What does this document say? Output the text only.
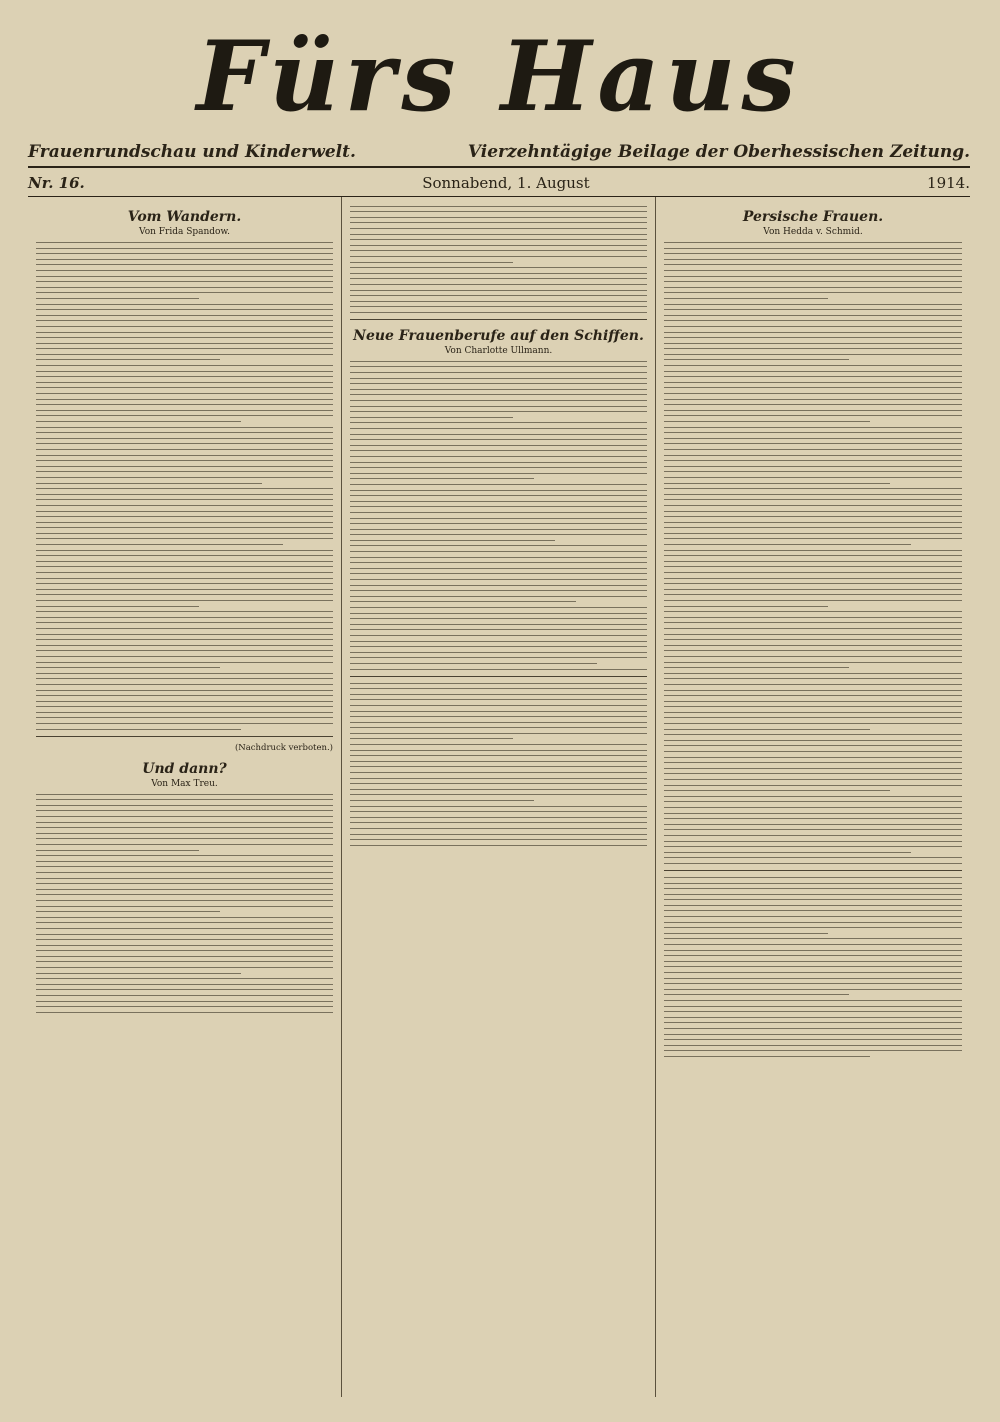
Fürs Haus
Frauenrundschau und Kinderwelt.	Vierzehntägige Beilage der Oberhessischen Zeitung.
Nr. 16.	Sonnabend, 1. August	1914.
Vom Wandern.
Von Frida Spandow.
(Nachdruck verboten.)
Und dann?
Von Max Treu.
Neue Frauenberufe auf den Schiffen.
Von Charlotte Ullmann.
Persische Frauen.
Von Hedda v. Schmid.
